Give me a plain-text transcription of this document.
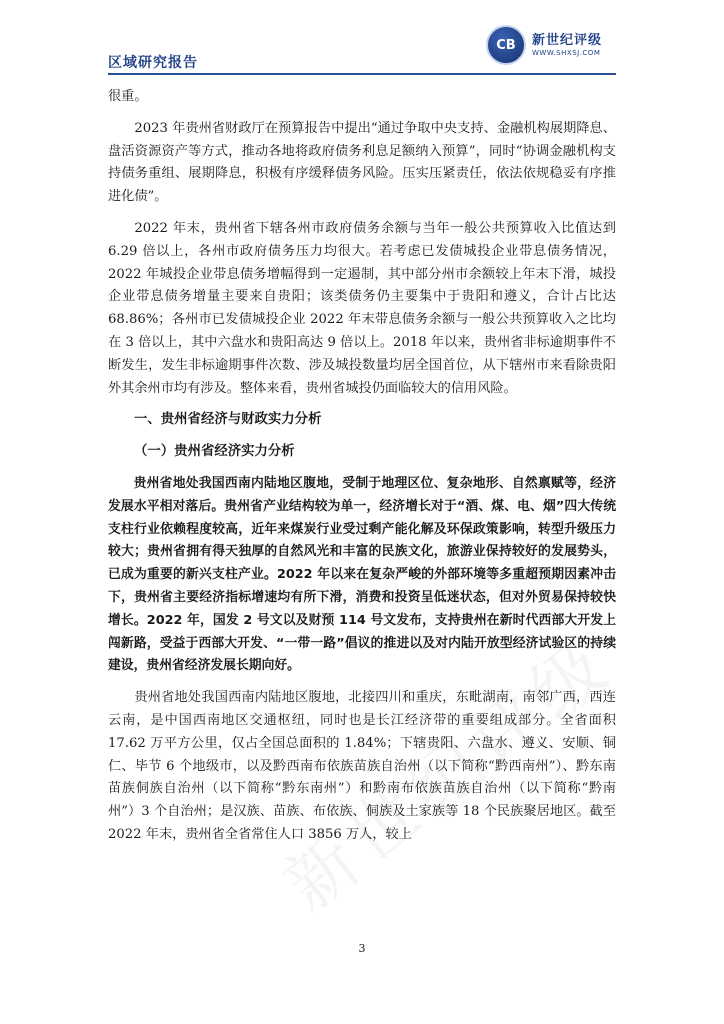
区域研究报告
CB	新世纪评级
WWW.SHXSJ.COM

很重。

2023 年贵州省财政厅在预算报告中提出“通过争取中央支持、金融机构展期降息、盘活资源资产等方式，推动各地将政府债务利息足额纳入预算”，同时“协调金融机构支持债务重组、展期降息，积极有序缓释债务风险。压实压紧责任，依法依规稳妥有序推进化债”。

2022 年末，贵州省下辖各州市政府债务余额与当年一般公共预算收入比值达到 6.29 倍以上，各州市政府债务压力均很大。若考虑已发债城投企业带息债务情况，2022 年城投企业带息债务增幅得到一定遏制，其中部分州市余额较上年末下滑，城投企业带息债务增量主要来自贵阳；该类债务仍主要集中于贵阳和遵义，合计占比达 68.86%；各州市已发债城投企业 2022 年末带息债务余额与一般公共预算收入之比均在 3 倍以上，其中六盘水和贵阳高达 9 倍以上。2018 年以来，贵州省非标逾期事件不断发生，发生非标逾期事件次数、涉及城投数量均居全国首位，从下辖州市来看除贵阳外其余州市均有涉及。整体来看，贵州省城投仍面临较大的信用风险。

一、贵州省经济与财政实力分析
（一）贵州省经济实力分析

贵州省地处我国西南内陆地区腹地，受制于地理区位、复杂地形、自然禀赋等，经济发展水平相对落后。贵州省产业结构较为单一，经济增长对于“酒、煤、电、烟”四大传统支柱行业依赖程度较高，近年来煤炭行业受过剩产能化解及环保政策影响，转型升级压力较大；贵州省拥有得天独厚的自然风光和丰富的民族文化，旅游业保持较好的发展势头，已成为重要的新兴支柱产业。2022 年以来在复杂严峻的外部环境等多重超预期因素冲击下，贵州省主要经济指标增速均有所下滑，消费和投资呈低迷状态，但对外贸易保持较快增长。2022 年，国发 2 号文以及财预 114 号文发布，支持贵州在新时代西部大开发上闯新路，受益于西部大开发、“一带一路”倡议的推进以及对内陆开放型经济试验区的持续建设，贵州省经济发展长期向好。

贵州省地处我国西南内陆地区腹地，北接四川和重庆，东毗湖南，南邻广西，西连云南，是中国西南地区交通枢纽，同时也是长江经济带的重要组成部分。全省面积 17.62 万平方公里，仅占全国总面积的 1.84%；下辖贵阳、六盘水、遵义、安顺、铜仁、毕节 6 个地级市，以及黔西南布依族苗族自治州（以下简称“黔西南州”）、黔东南苗族侗族自治州（以下简称“黔东南州”）和黔南布依族苗族自治州（以下简称“黔南州”）3 个自治州；是汉族、苗族、布依族、侗族及土家族等 18 个民族聚居地区。截至 2022 年末，贵州省全省常住人口 3856 万人，较上

3
